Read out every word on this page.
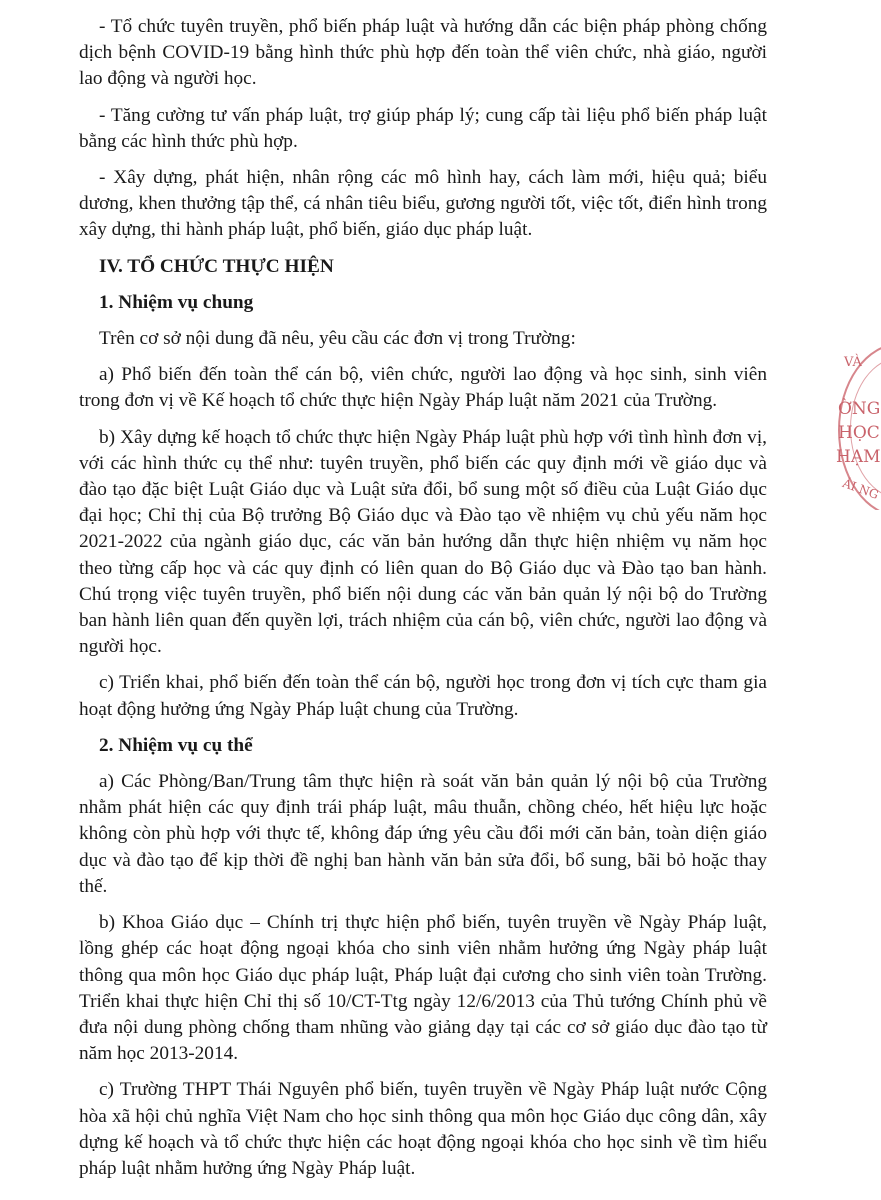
- Tổ chức tuyên truyền, phổ biến pháp luật và hướng dẫn các biện pháp phòng chống dịch bệnh COVID-19 bằng hình thức phù hợp đến toàn thể viên chức, nhà giáo, người lao động và người học.

- Tăng cường tư vấn pháp luật, trợ giúp pháp lý; cung cấp tài liệu phổ biến pháp luật bằng các hình thức phù hợp.

- Xây dựng, phát hiện, nhân rộng các mô hình hay, cách làm mới, hiệu quả; biểu dương, khen thưởng tập thể, cá nhân tiêu biểu, gương người tốt, việc tốt, điển hình trong xây dựng, thi hành pháp luật, phổ biến, giáo dục pháp luật.

IV. TỔ CHỨC THỰC HIỆN

1. Nhiệm vụ chung

Trên cơ sở nội dung đã nêu, yêu cầu các đơn vị trong Trường:

a) Phổ biến đến toàn thể cán bộ, viên chức, người lao động và học sinh, sinh viên trong đơn vị về Kế hoạch tổ chức thực hiện Ngày Pháp luật năm 2021 của Trường.

b) Xây dựng kế hoạch tổ chức thực hiện Ngày Pháp luật phù hợp với tình hình đơn vị, với các hình thức cụ thể như: tuyên truyền, phổ biến các quy định mới về giáo dục và đào tạo đặc biệt Luật Giáo dục và Luật sửa đổi, bổ sung một số điều của Luật Giáo dục đại học; Chỉ thị của Bộ trưởng Bộ Giáo dục và Đào tạo về nhiệm vụ chủ yếu năm học 2021-2022 của ngành giáo dục, các văn bản hướng dẫn thực hiện nhiệm vụ năm học theo từng cấp học và các quy định có liên quan do Bộ Giáo dục và Đào tạo ban hành. Chú trọng việc tuyên truyền, phổ biến nội dung các văn bản quản lý nội bộ do Trường ban hành liên quan đến quyền lợi, trách nhiệm của cán bộ, viên chức, người lao động và người học.

c) Triển khai, phổ biến đến toàn thể cán bộ, người học trong đơn vị tích cực tham gia hoạt động hưởng ứng Ngày Pháp luật chung của Trường.

2. Nhiệm vụ cụ thể

a) Các Phòng/Ban/Trung tâm thực hiện rà soát văn bản quản lý nội bộ của Trường nhằm phát hiện các quy định trái pháp luật, mâu thuẫn, chồng chéo, hết hiệu lực hoặc không còn phù hợp với thực tế, không đáp ứng yêu cầu đổi mới căn bản, toàn diện giáo dục và đào tạo để kịp thời đề nghị ban hành văn bản sửa đổi, bổ sung, bãi bỏ hoặc thay thế.

b) Khoa Giáo dục – Chính trị thực hiện phổ biến, tuyên truyền về Ngày Pháp luật, lồng ghép các hoạt động ngoại khóa cho sinh viên nhằm hưởng ứng Ngày pháp luật thông qua môn học Giáo dục pháp luật, Pháp luật đại cương cho sinh viên toàn Trường. Triển khai thực hiện Chỉ thị số 10/CT-Ttg ngày 12/6/2013 của Thủ tướng Chính phủ về đưa nội dung phòng chống tham nhũng vào giảng dạy tại các cơ sở giáo dục đào tạo từ năm học 2013-2014.

c) Trường THPT Thái Nguyên phổ biến, tuyên truyền về Ngày Pháp luật nước Cộng hòa xã hội chủ nghĩa Việt Nam cho học sinh thông qua môn học Giáo dục công dân, xây dựng kế hoạch và tổ chức thực hiện các hoạt động ngoại khóa cho học sinh về tìm hiểu pháp luật nhằm hưởng ứng Ngày Pháp luật.

VÀ
ỜNG
HỌC
HẠM
ÁI NG
